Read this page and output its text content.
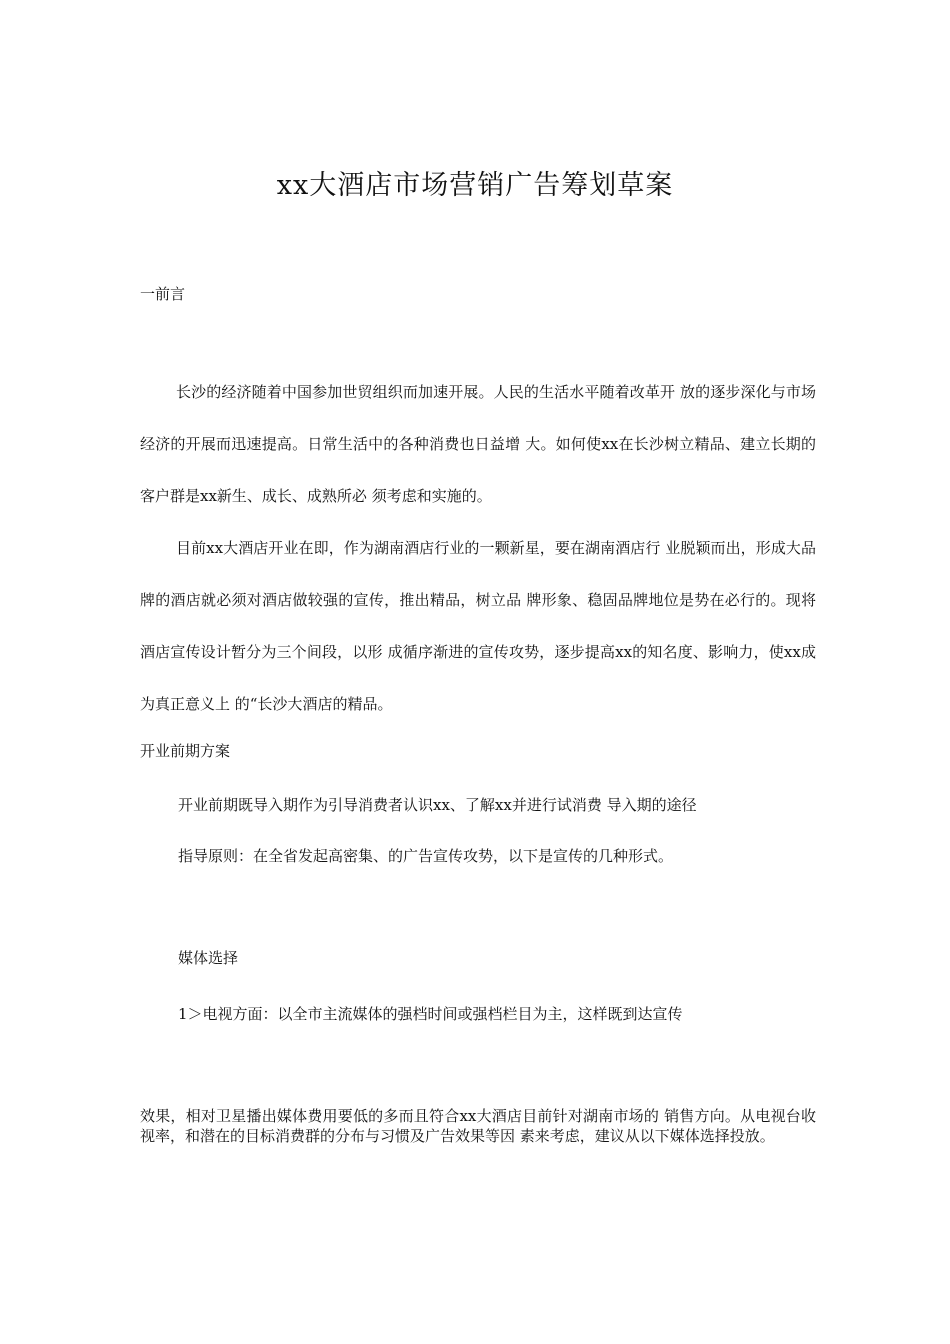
xx大酒店市场营销广告筹划草案
一前言

长沙的经济随着中国参加世贸组织而加速开展。人民的生活水平随着改革开 放的逐步深化与市场经济的开展而迅速提高。日常生活中的各种消费也日益增 大。如何使xx在长沙树立精品、建立长期的客户群是xx新生、成长、成熟所必 须考虑和实施的。

目前xx大酒店开业在即，作为湖南酒店行业的一颗新星，要在湖南酒店行 业脱颖而出，形成大品牌的酒店就必须对酒店做较强的宣传，推出精品，树立品 牌形象、稳固品牌地位是势在必行的。现将酒店宣传设计暂分为三个间段，以形 成循序渐进的宣传攻势，逐步提高xx的知名度、影响力，使xx成为真正意义上 的“长沙大酒店的精品。

开业前期方案
开业前期既导入期作为引导消费者认识xx、了解xx并进行试消费 导入期的途径
指导原则：在全省发起高密集、的广告宣传攻势，以下是宣传的几种形式。
媒体选择
1＞电视方面：以全市主流媒体的强档时间或强档栏目为主，这样既到达宣传

效果，相对卫星播出媒体费用要低的多而且符合xx大酒店目前针对湖南市场的 销售方向。从电视台收视率，和潜在的目标消费群的分布与习惯及广告效果等因 素来考虑，建议从以下媒体选择投放。
